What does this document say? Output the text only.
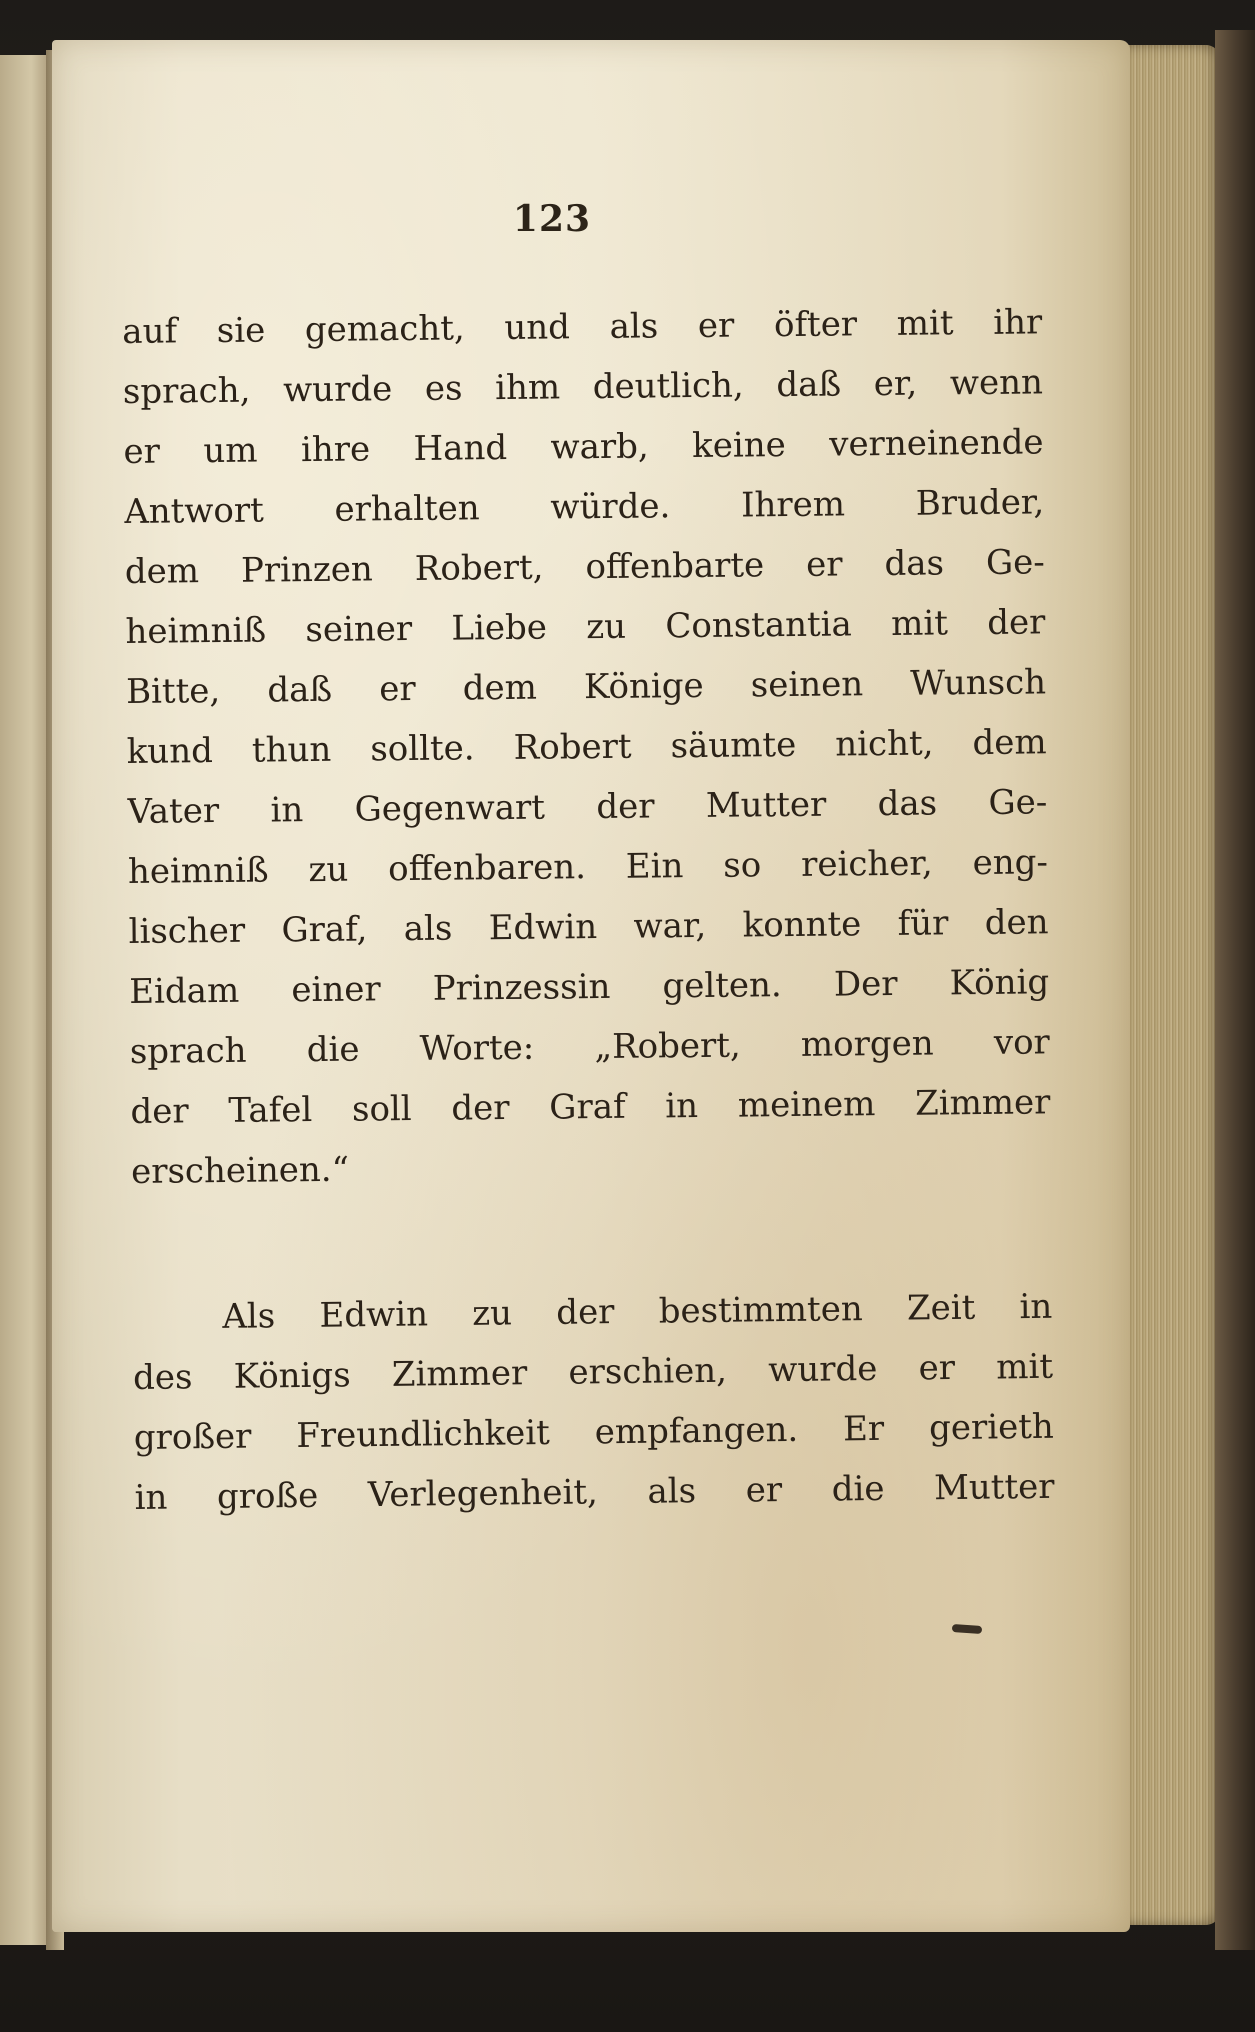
123
auf sie gemacht, und als er öfter mit ihr
sprach, wurde es ihm deutlich, daß er, wenn
er um ihre Hand warb, keine verneinende
Antwort erhalten würde. Ihrem Bruder,
dem Prinzen Robert, offenbarte er das Ge-
heimniß seiner Liebe zu Constantia mit der
Bitte, daß er dem Könige seinen Wunsch
kund thun sollte. Robert säumte nicht, dem
Vater in Gegenwart der Mutter das Ge-
heimniß zu offenbaren. Ein so reicher, eng-
lischer Graf, als Edwin war, konnte für den
Eidam einer Prinzessin gelten. Der König
sprach die Worte: „Robert, morgen vor
der Tafel soll der Graf in meinem Zimmer
erscheinen.“
Als Edwin zu der bestimmten Zeit in
des Königs Zimmer erschien, wurde er mit
großer Freundlichkeit empfangen. Er gerieth
in große Verlegenheit, als er die Mutter
